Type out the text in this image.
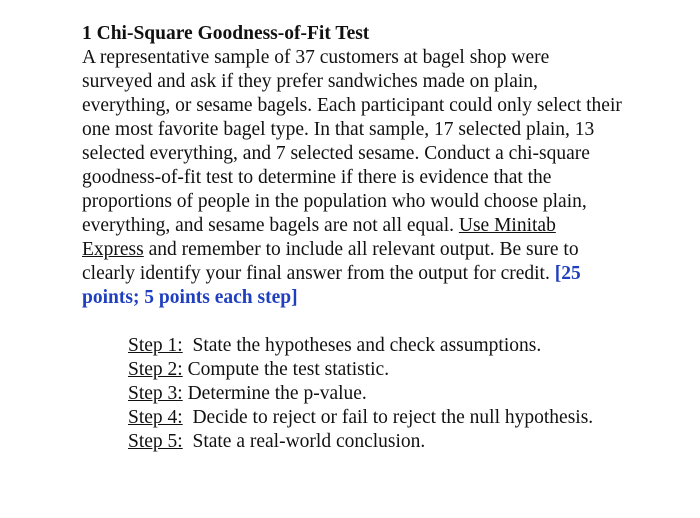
1 Chi-Square Goodness-of-Fit Test

A representative sample of 37 customers at bagel shop were surveyed and ask if they prefer sandwiches made on plain, everything, or sesame bagels. Each participant could only select their one most favorite bagel type. In that sample, 17 selected plain, 13 selected everything, and 7 selected sesame. Conduct a chi-square goodness-of-fit test to determine if there is evidence that the proportions of people in the population who would choose plain, everything, and sesame bagels are not all equal. Use Minitab Express and remember to include all relevant output. Be sure to clearly identify your final answer from the output for credit. [25 points; 5 points each step]

Step 1:  State the hypotheses and check assumptions.

Step 2: Compute the test statistic.

Step 3: Determine the p-value.

Step 4:  Decide to reject or fail to reject the null hypothesis.

Step 5:  State a real-world conclusion.
